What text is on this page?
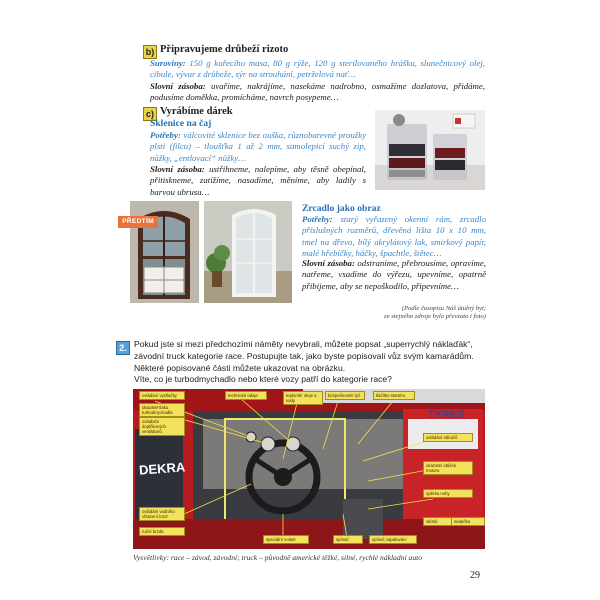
b) Připravujeme drůbeží rizoto
Suroviny: 150 g kuřecího masa, 80 g rýže, 120 g sterilovaného hrášku, slunečnicový olej, cibule, vývar z drůbeže, sýr na strouhání, petrželová nať…
Slovní zásoba: uvaříme, nakrájíme, nasekáme nadrobno, osmažíme dozlatova, přidáme, podusíme doměkka, promícháme, navrch posypeme…
c) Vyrábíme dárek
Sklenice na čaj
Potřeby: válcovité sklenice bez ouška, různobarevné proužky plsti (filcu) – tloušťka 1 až 2 mm, samolepicí suchý zip, nůžky, „entlovací“ nůžky…
Slovní zásoba: ustřihneme, nalepíme, aby těsně obepínal, přitiskneme, zatížíme, nasadíme, měníme, aby ladily s barvou ubrusu…
PŘEDTÍM
Zrcadlo jako obraz
Potřeby: starý vyřazený okenní rám, zrcadlo příslušných rozměrů, dřevěná lišta 10 x 10 mm, tmel na dřevo, bílý akrylátový lak, smirkový papír, malé hřebíčky, háčky, špachtle, štětec…
Slovní zásoba: odstraníme, přebrousíme, opravíme, natřeme, vsadíme do výřezu, upevníme, opatrně přibijeme, aby se nepoškodilo, připevníme…
(Podle časopisu Náš útulný byt;
ze stejného zdroje bylo převzato i foto)
2. Pokud jste si mezi předchozími náměty nevybrali, můžete popsat „superrychlý náklaďák“,
závodní truck kategorie race. Postupujte tak, jako byste popisovali vůz svým kamarádům.
Některé popisované části můžete ukazovat na obrázku.
Víte, co je turbodmychadlo nebo které vozy patří do kategorie race?
DEKRA
TYRES
ovládání vysílačky
ukazatel tlaku turbodmychadla
ovladače doplňkových ventilátorů
technické údaje	teploměr oleje a vody
bezpečnostní tyč	tlačítko startéru
ovládání stěračů
ukazatel otáček motoru
opěrka nohy
ovládání vodního chlazení brzd
ruční brzda
speciální volant	spínač
stěrač	sedačka
spínač zapalování
Vysvětlivky: race – závod, závodní; truck – původně americké těžké, silné, rychlé nákladní auto
29
